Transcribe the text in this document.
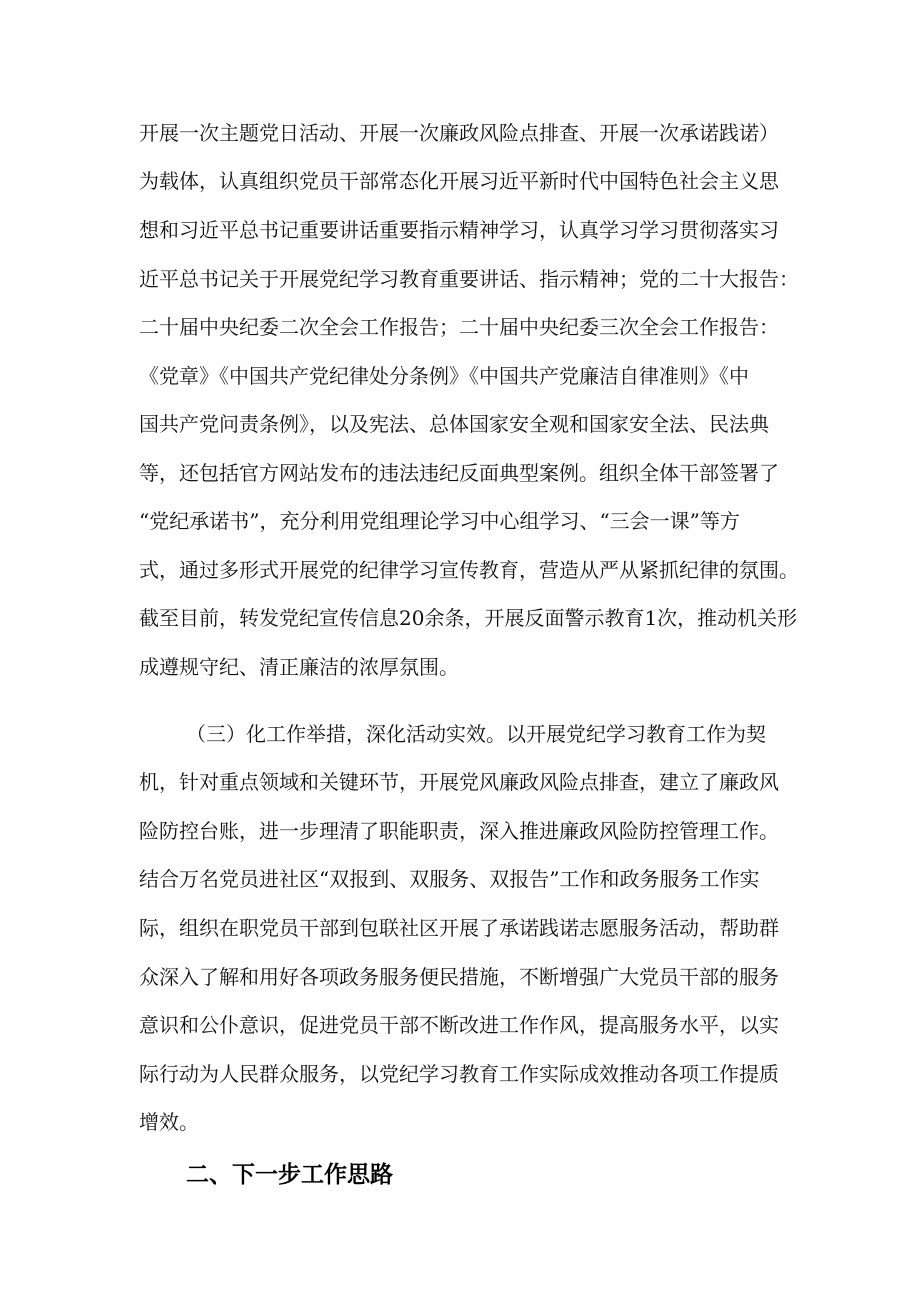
开展一次主题党日活动、开展一次廉政风险点排查、开展一次承诺践诺）
为载体，认真组织党员干部常态化开展习近平新时代中国特色社会主义思
想和习近平总书记重要讲话重要指示精神学习，认真学习学习贯彻落实习
近平总书记关于开展党纪学习教育重要讲话、指示精神；党的二十大报告：
二十届中央纪委二次全会工作报告；二十届中央纪委三次全会工作报告：
《党章》《中国共产党纪律处分条例》《中国共产党廉洁自律准则》《中
国共产党问责条例》，以及宪法、总体国家安全观和国家安全法、民法典
等，还包括官方网站发布的违法违纪反面典型案例。组织全体干部签署了
“党纪承诺书”，充分利用党组理论学习中心组学习、“三会一课”等方
式，通过多形式开展党的纪律学习宣传教育，营造从严从紧抓纪律的氛围。
截至目前，转发党纪宣传信息20余条，开展反面警示教育1次，推动机关形
成遵规守纪、清正廉洁的浓厚氛围。
（三）化工作举措，深化活动实效。以开展党纪学习教育工作为契
机，针对重点领域和关键环节，开展党风廉政风险点排查，建立了廉政风
险防控台账，进一步理清了职能职责，深入推进廉政风险防控管理工作。
结合万名党员进社区“双报到、双服务、双报告”工作和政务服务工作实
际，组织在职党员干部到包联社区开展了承诺践诺志愿服务活动，帮助群
众深入了解和用好各项政务服务便民措施，不断增强广大党员干部的服务
意识和公仆意识，促进党员干部不断改进工作作风，提高服务水平，以实
际行动为人民群众服务，以党纪学习教育工作实际成效推动各项工作提质
增效。
二、下一步工作思路
